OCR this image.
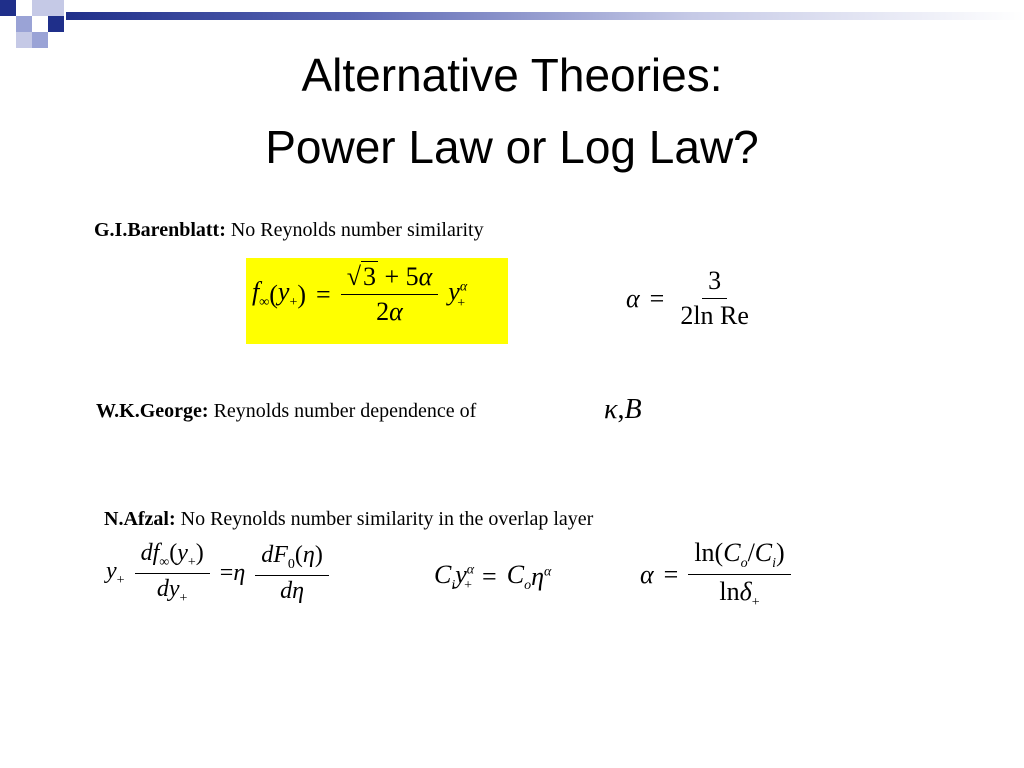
Alternative Theories:
Power Law or Log Law?
G.I.Barenblatt: No Reynolds number similarity
$f_\infty$ ( $y_+$ ) = $\frac{√3 + 5\alpha}{2\alpha} y^\alpha_+$	$\alpha = \frac{3}{\text{2ln Re}}$
W.K.George: Reynolds number dependence of	κ,B
N.Afzal: No Reynolds number similarity in the overlap layer
$y_+ \frac{df_\infty(y_+)}{dy_+} = \eta \frac{dF_0(\eta)}{d\eta}$	$C_i$ $y^\alpha_+ = C_o$ $\eta^\alpha$	$\alpha = \frac{\ln(C_o/C_i)}{\ln\delta_+}$
